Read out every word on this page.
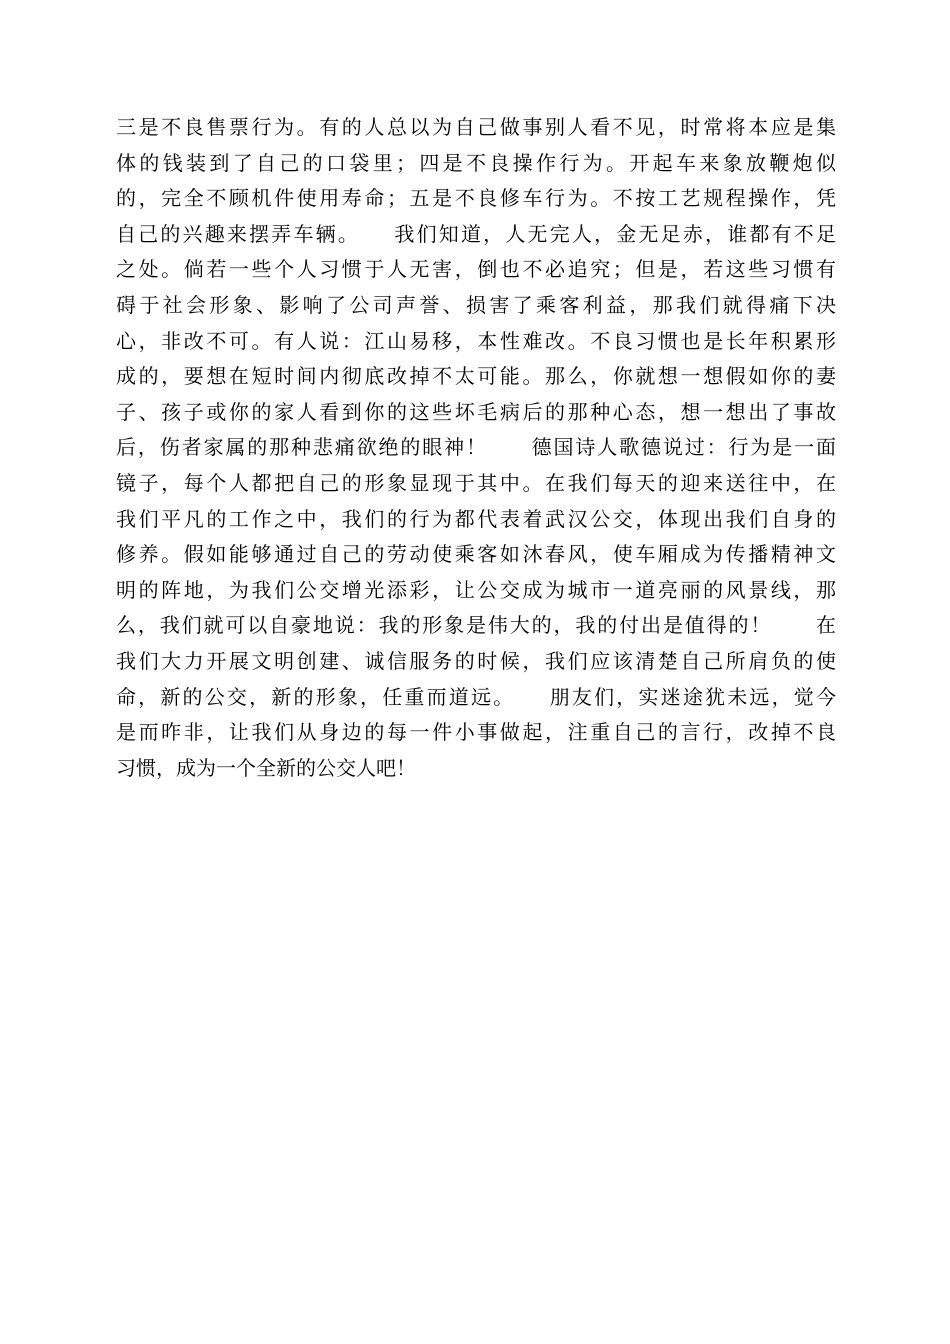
三是不良售票行为。有的人总以为自己做事别人看不见，时常将本应是集
体的钱装到了自己的口袋里；四是不良操作行为。开起车来象放鞭炮似
的，完全不顾机件使用寿命；五是不良修车行为。不按工艺规程操作，凭
自己的兴趣来摆弄车辆。　　我们知道，人无完人，金无足赤，谁都有不足
之处。倘若一些个人习惯于人无害，倒也不必追究；但是，若这些习惯有
碍于社会形象、影响了公司声誉、损害了乘客利益，那我们就得痛下决
心，非改不可。有人说：江山易移，本性难改。不良习惯也是长年积累形
成的，要想在短时间内彻底改掉不太可能。那么，你就想一想假如你的妻
子、孩子或你的家人看到你的这些坏毛病后的那种心态，想一想出了事故
后，伤者家属的那种悲痛欲绝的眼神！　　德国诗人歌德说过：行为是一面
镜子，每个人都把自己的形象显现于其中。在我们每天的迎来送往中，在
我们平凡的工作之中，我们的行为都代表着武汉公交，体现出我们自身的
修养。假如能够通过自己的劳动使乘客如沐春风，使车厢成为传播精神文
明的阵地，为我们公交增光添彩，让公交成为城市一道亮丽的风景线，那
么，我们就可以自豪地说：我的形象是伟大的，我的付出是值得的！　　在
我们大力开展文明创建、诚信服务的时候，我们应该清楚自己所肩负的使
命，新的公交，新的形象，任重而道远。　　朋友们，实迷途犹未远，觉今
是而昨非，让我们从身边的每一件小事做起，注重自己的言行，改掉不良
习惯，成为一个全新的公交人吧！
